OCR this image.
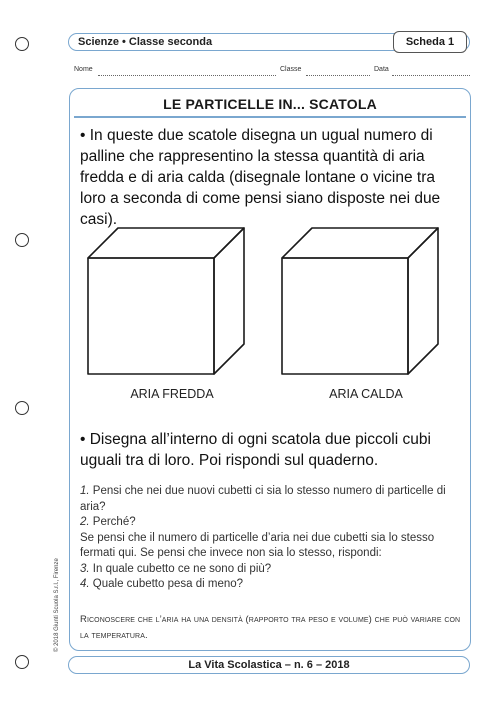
Scienze • Classe seconda	Scheda 1
Nome	Classe	Data
LE PARTICELLE IN... SCATOLA
• In queste due scatole disegna un ugual numero di palline che rappresentino la stessa quantità di aria fredda e di aria calda (disegnale lontane o vicine tra loro a seconda di come pensi siano disposte nei due casi).
ARIA FREDDA	ARIA CALDA
• Disegna all’interno di ogni scatola due piccoli cubi uguali tra di loro. Poi rispondi sul quaderno.
1. Pensi che nei due nuovi cubetti ci sia lo stesso numero di particelle di aria?
2. Perché?
Se pensi che il numero di particelle d’aria nei due cubetti sia lo stesso fermati qui. Se pensi che invece non sia lo stesso, rispondi:
3. In quale cubetto ce ne sono di più?
4. Quale cubetto pesa di meno?
Riconoscere che l’aria ha una densità (rapporto tra peso e volume) che può variare con la temperatura.
© 2018 Giunti Scuola S.r.l., Firenze
La Vita Scolastica – n. 6 – 2018
